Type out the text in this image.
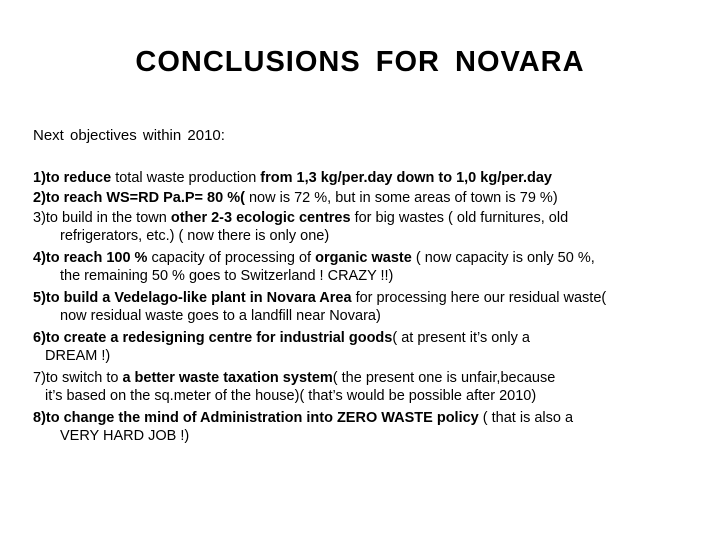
CONCLUSIONS FOR NOVARA
Next objectives within 2010:
1)to reduce total waste production from 1,3 kg/per.day down to 1,0 kg/per.day
2)to reach WS=RD Pa.P= 80 %( now is 72 %, but in some areas of town is 79 %)
3)to build in the town other 2-3 ecologic centres for big wastes ( old furnitures, old
refrigerators, etc.) ( now there is only one)
4)to reach 100 % capacity of processing of organic waste ( now capacity is only 50 %,
the remaining 50 % goes to Switzerland ! CRAZY !!)
5)to build a Vedelago-like plant in Novara Area for processing here our residual waste(
now residual waste goes to a landfill near Novara)
6)to create a redesigning centre for industrial goods( at present it’s only a
DREAM !)
7)to switch to a better waste taxation system( the present one is unfair,because
it’s based on the sq.meter of the house)( that’s would be possible after 2010)
8)to change the mind of Administration into ZERO WASTE policy ( that is also a
VERY HARD JOB !)
